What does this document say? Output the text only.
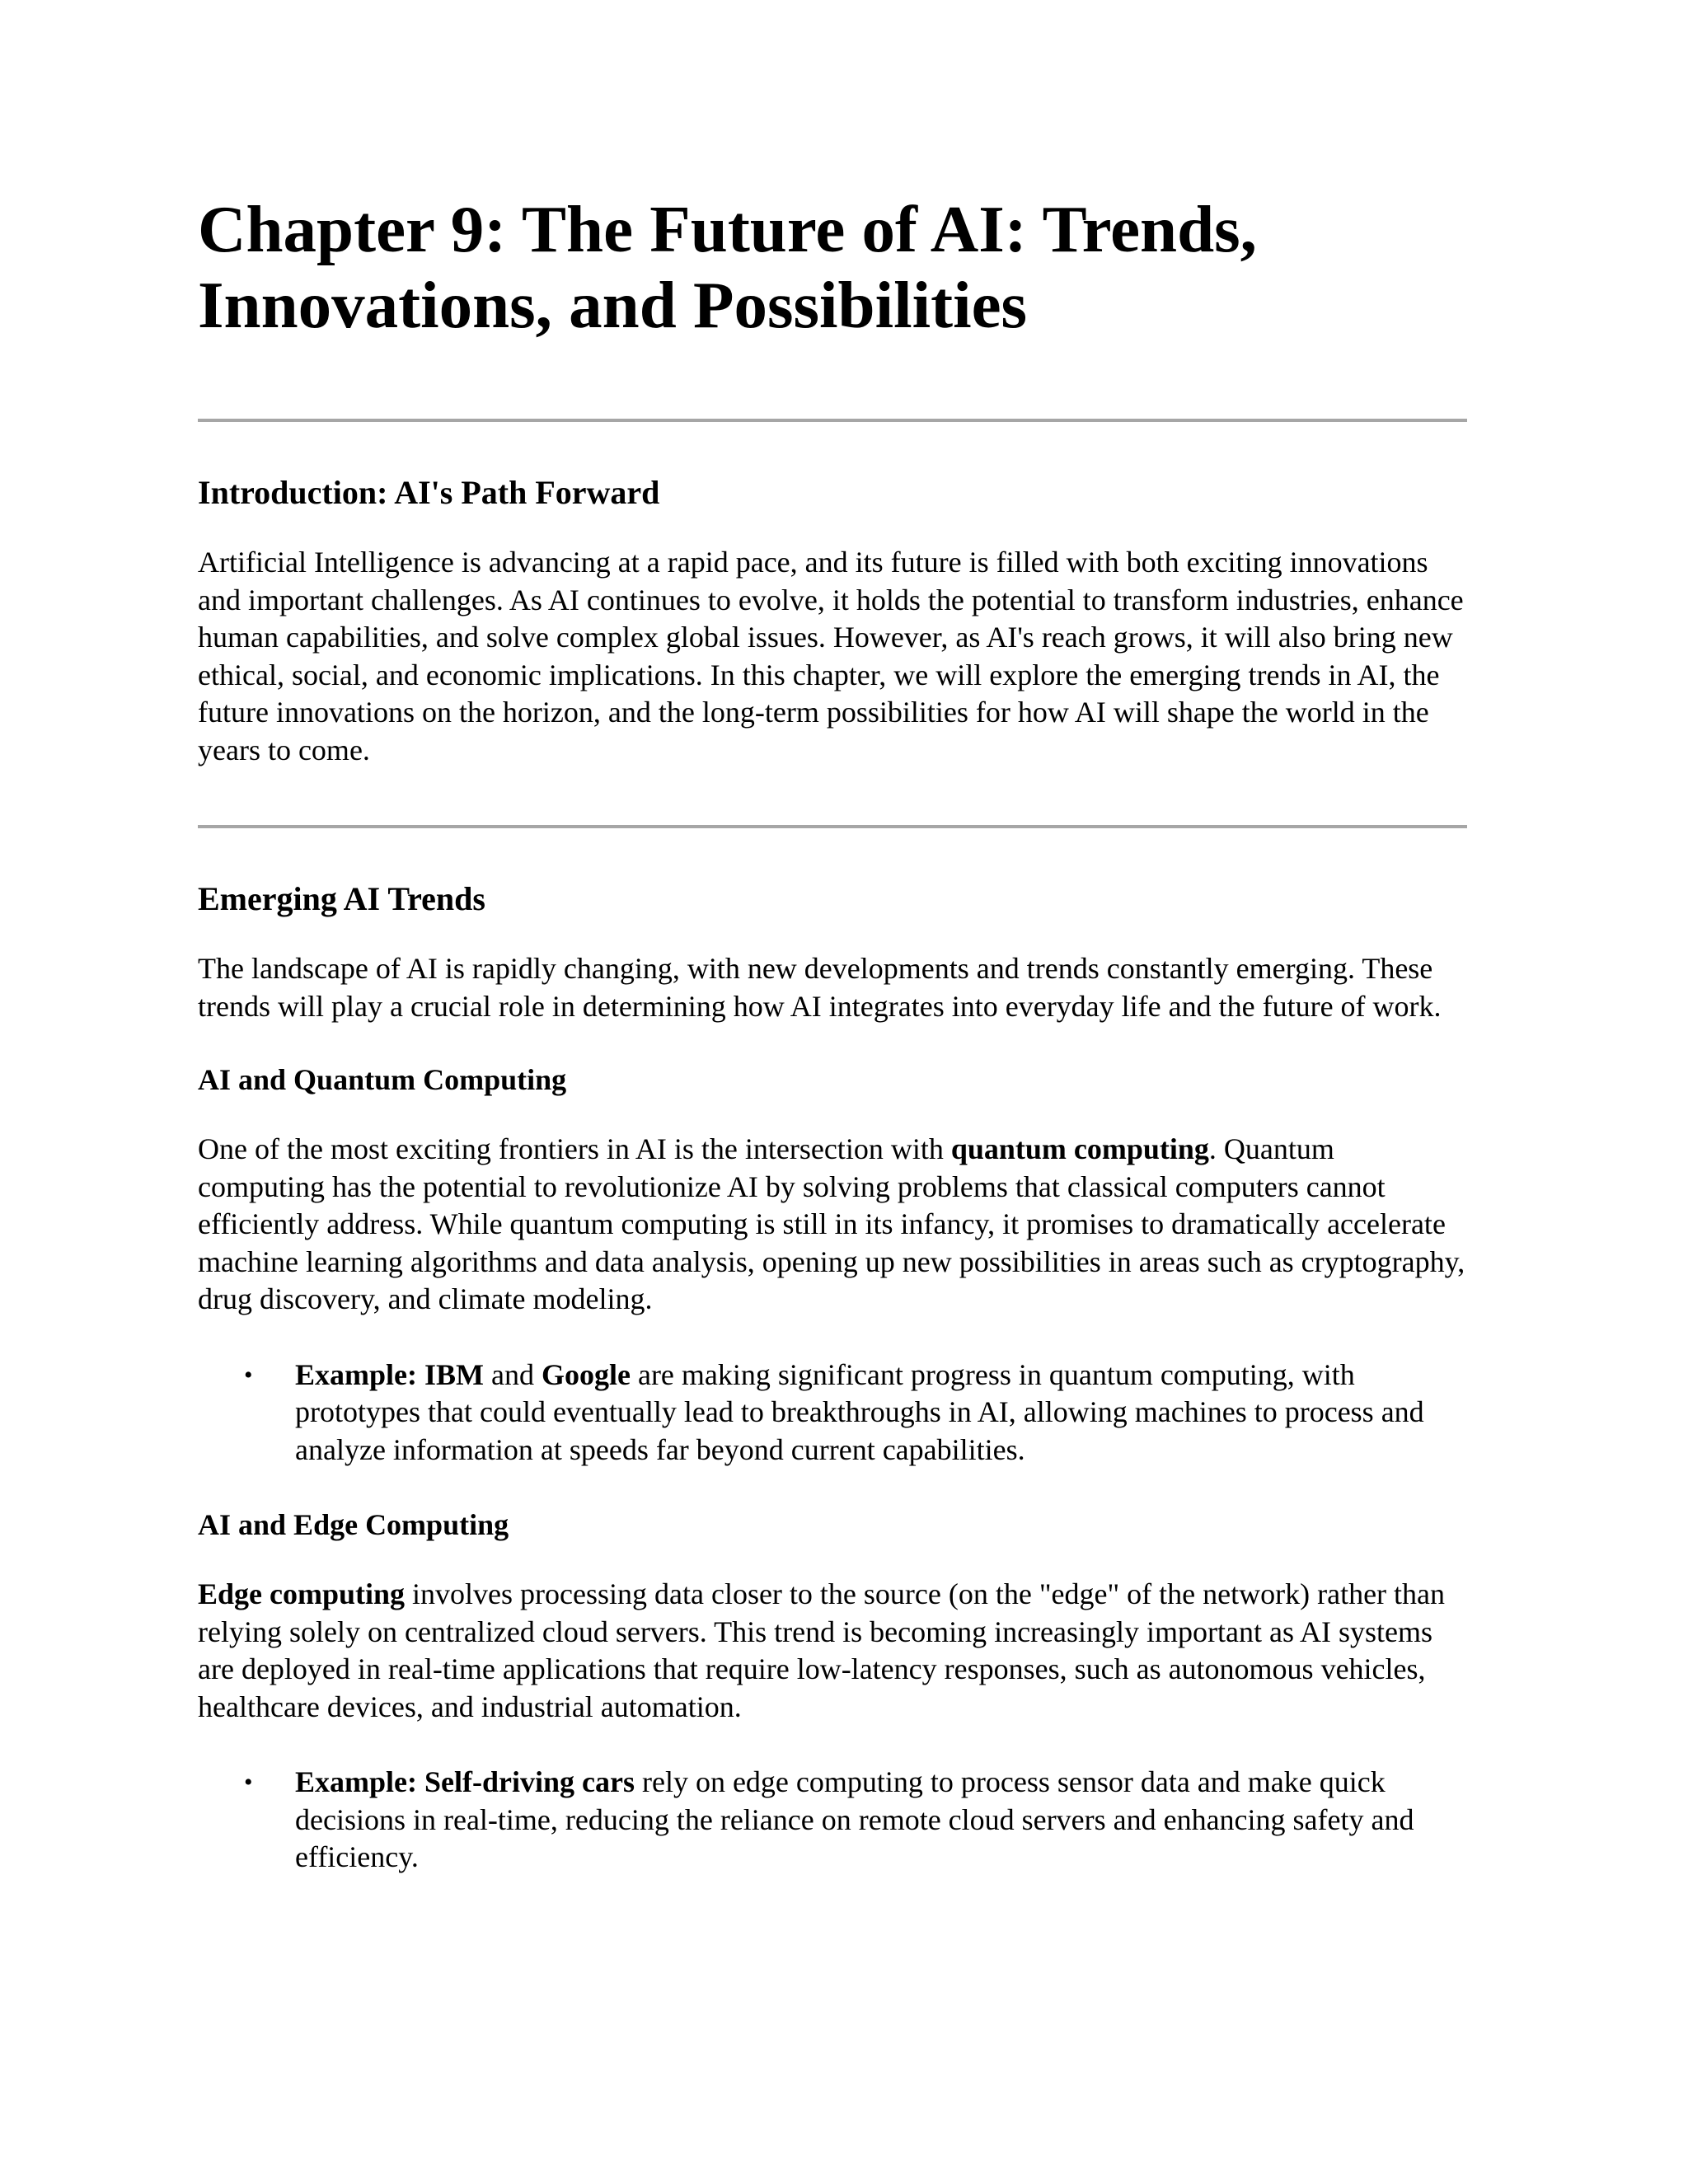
Chapter 9: The Future of AI: Trends, Innovations, and Possibilities
Introduction: AI's Path Forward

Artificial Intelligence is advancing at a rapid pace, and its future is filled with both exciting innovations and important challenges. As AI continues to evolve, it holds the potential to transform industries, enhance human capabilities, and solve complex global issues. However, as AI's reach grows, it will also bring new ethical, social, and economic implications. In this chapter, we will explore the emerging trends in AI, the future innovations on the horizon, and the long-term possibilities for how AI will shape the world in the years to come.

Emerging AI Trends

The landscape of AI is rapidly changing, with new developments and trends constantly emerging. These trends will play a crucial role in determining how AI integrates into everyday life and the future of work.

AI and Quantum Computing

One of the most exciting frontiers in AI is the intersection with quantum computing. Quantum computing has the potential to revolutionize AI by solving problems that classical computers cannot efficiently address. While quantum computing is still in its infancy, it promises to dramatically accelerate machine learning algorithms and data analysis, opening up new possibilities in areas such as cryptography, drug discovery, and climate modeling.

• Example: IBM and Google are making significant progress in quantum computing, with prototypes that could eventually lead to breakthroughs in AI, allowing machines to process and analyze information at speeds far beyond current capabilities.
AI and Edge Computing

Edge computing involves processing data closer to the source (on the "edge" of the network) rather than relying solely on centralized cloud servers. This trend is becoming increasingly important as AI systems are deployed in real-time applications that require low-latency responses, such as autonomous vehicles, healthcare devices, and industrial automation.

• Example: Self-driving cars rely on edge computing to process sensor data and make quick decisions in real-time, reducing the reliance on remote cloud servers and enhancing safety and efficiency.
